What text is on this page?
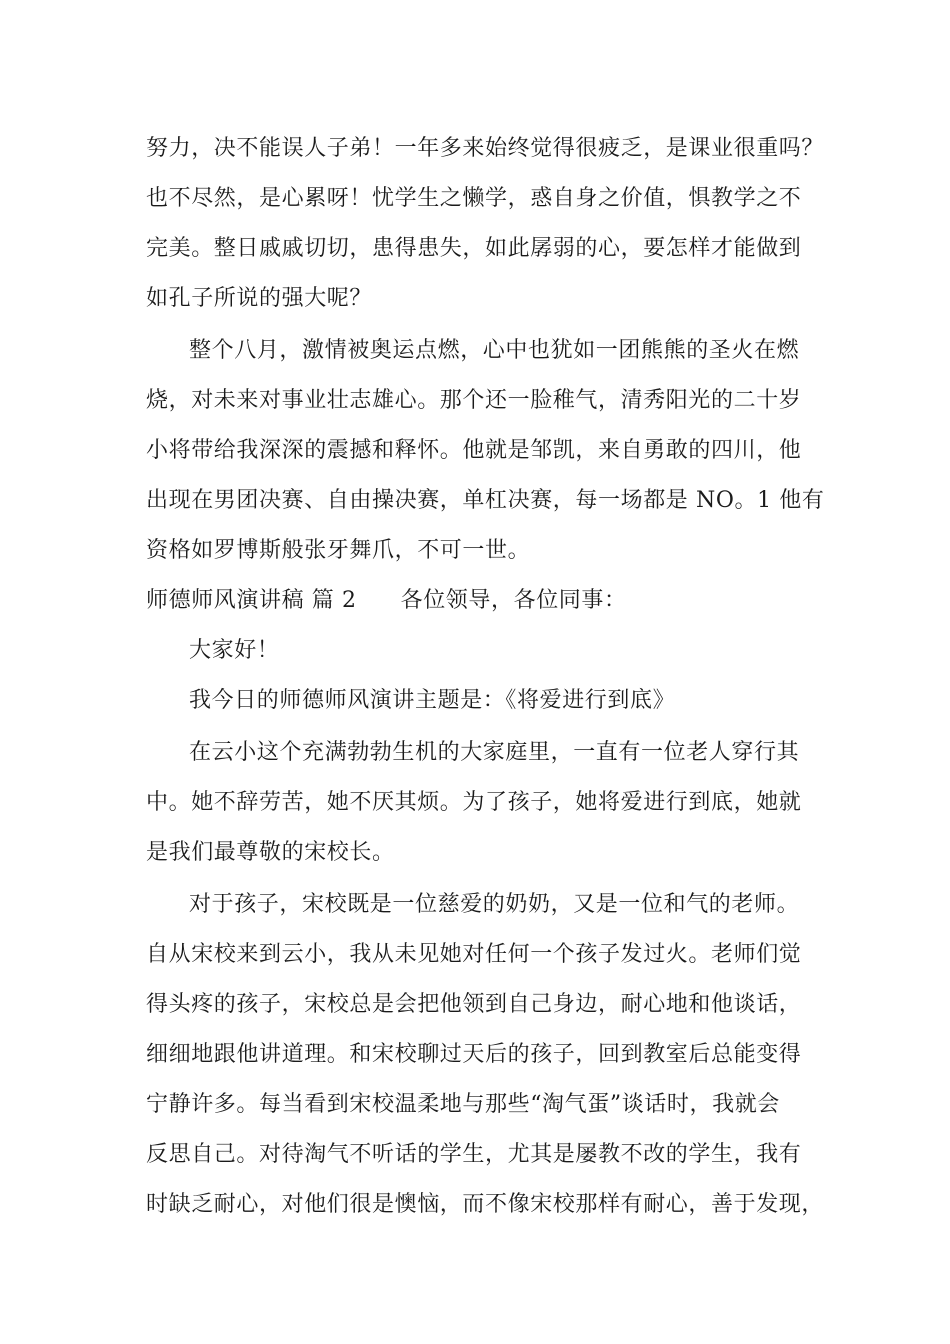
努力，决不能误人子弟！一年多来始终觉得很疲乏，是课业很重吗？
也不尽然，是心累呀！忧学生之懒学，惑自身之价值，惧教学之不
完美。整日戚戚切切，患得患失，如此孱弱的心，要怎样才能做到
如孔子所说的强大呢？
整个八月，激情被奥运点燃，心中也犹如一团熊熊的圣火在燃
烧，对未来对事业壮志雄心。那个还一脸稚气，清秀阳光的二十岁
小将带给我深深的震撼和释怀。他就是邹凯，来自勇敢的四川，他
出现在男团决赛、自由操决赛，单杠决赛，每一场都是 NO。1 他有
资格如罗博斯般张牙舞爪，不可一世。
师德师风演讲稿 篇 2 各位领导，各位同事：
大家好！
我今日的师德师风演讲主题是：《将爱进行到底》
在云小这个充满勃勃生机的大家庭里，一直有一位老人穿行其
中。她不辞劳苦，她不厌其烦。为了孩子，她将爱进行到底，她就
是我们最尊敬的宋校长。
对于孩子，宋校既是一位慈爱的奶奶，又是一位和气的老师。
自从宋校来到云小，我从未见她对任何一个孩子发过火。老师们觉
得头疼的孩子，宋校总是会把他领到自己身边，耐心地和他谈话，
细细地跟他讲道理。和宋校聊过天后的孩子，回到教室后总能变得
宁静许多。每当看到宋校温柔地与那些“淘气蛋”谈话时，我就会
反思自己。对待淘气不听话的学生，尤其是屡教不改的学生，我有
时缺乏耐心，对他们很是懊恼，而不像宋校那样有耐心，善于发现，
